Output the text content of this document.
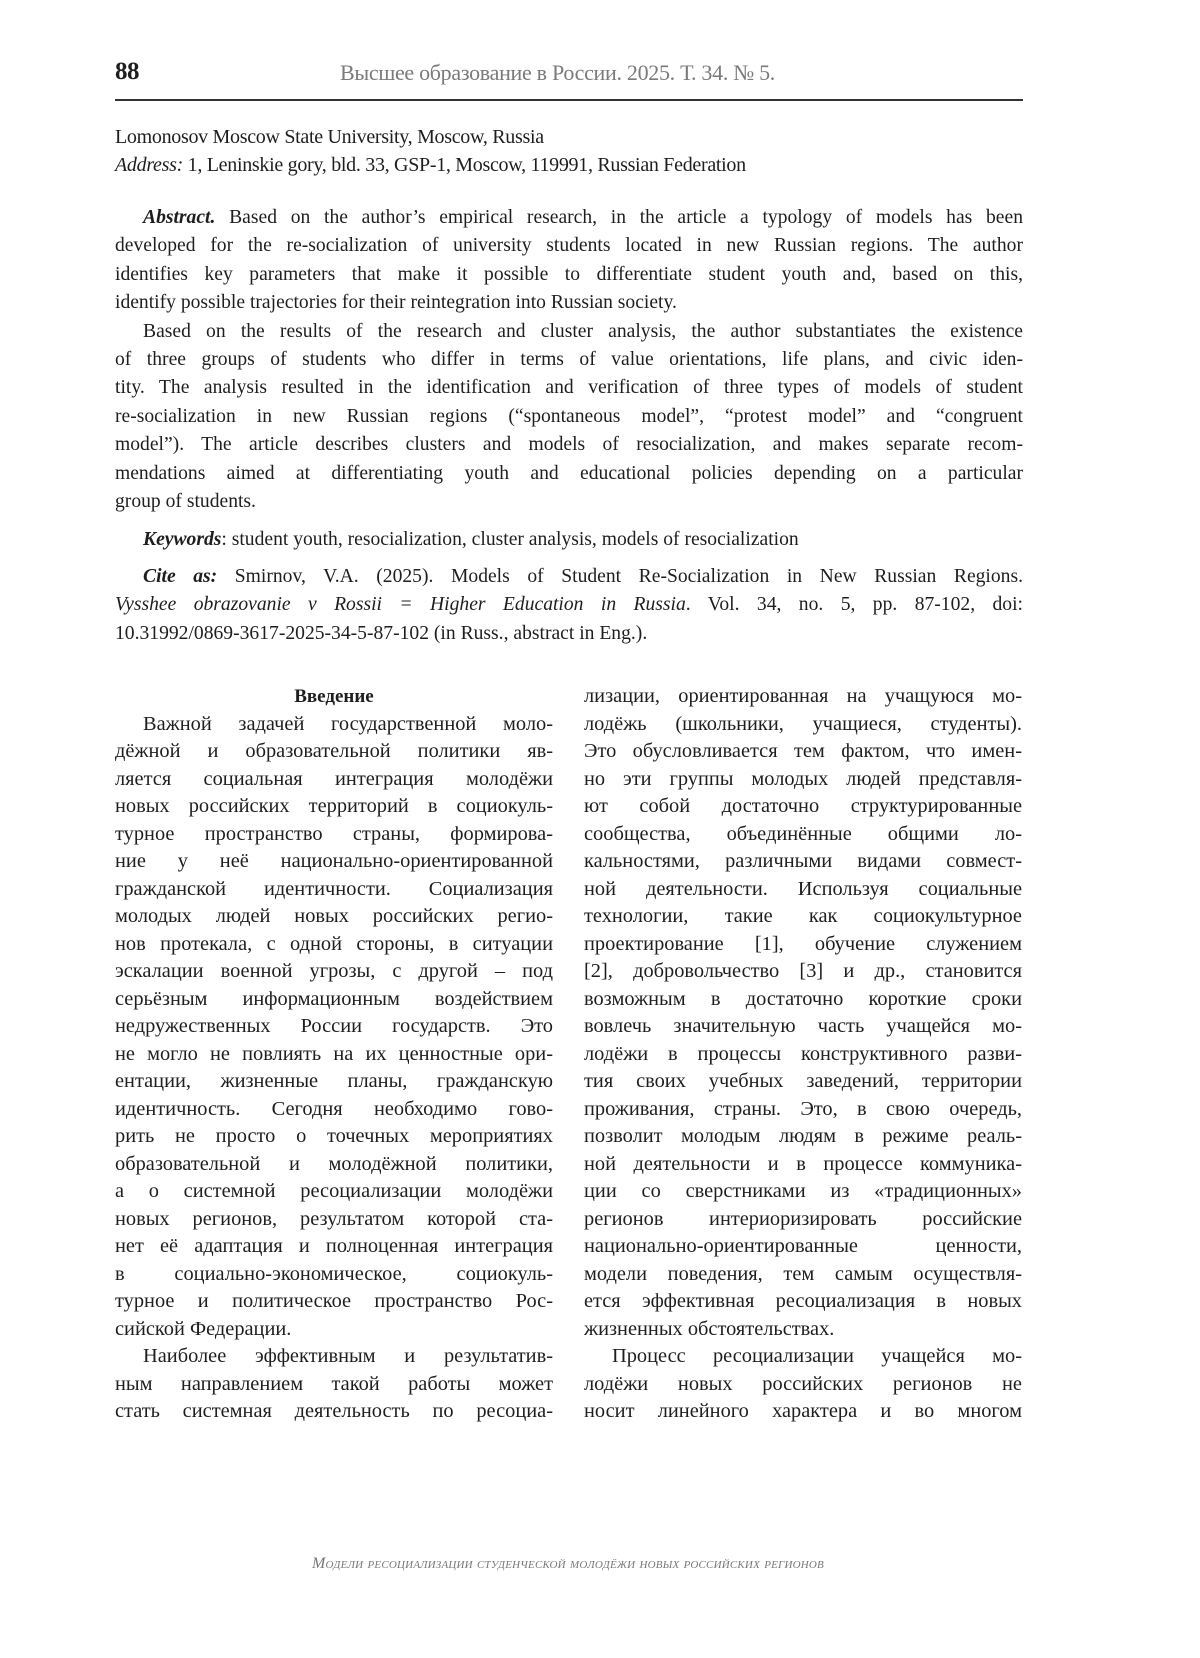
88	Высшее образование в России. 2025. Т. 34. № 5.
Lomonosov Moscow State University, Moscow, Russia
Address: 1, Leninskie gory, bld. 33, GSP-1, Moscow, 119991, Russian Federation
Abstract. Based on the author’s empirical research, in the article a typology of models has been
developed for the re-socialization of university students located in new Russian regions. The author
identifies key parameters that make it possible to differentiate student youth and, based on this,
identify possible trajectories for their reintegration into Russian society.
Based on the results of the research and cluster analysis, the author substantiates the existence
of three groups of students who differ in terms of value orientations, life plans, and civic iden-
tity. The analysis resulted in the identification and verification of three types of models of student
re-socialization in new Russian regions (“spontaneous model”, “protest model” and “congruent
model”). The article describes clusters and models of resocialization, and makes separate recom-
mendations aimed at differentiating youth and educational policies depending on a particular
group of students.
Keywords: student youth, resocialization, cluster analysis, models of resocialization
Cite as: Smirnov, V.A. (2025). Models of Student Re-Socialization in New Russian Regions.
Vysshee obrazovanie v Rossii = Higher Education in Russia. Vol. 34, no. 5, pp. 87-102, doi:
10.31992/0869-3617-2025-34-5-87-102 (in Russ., abstract in Eng.).
Введение
Важной задачей государственной моло-
дёжной и образовательной политики яв-
ляется социальная интеграция молодёжи
новых российских территорий в социокуль-
турное пространство страны, формирова-
ние у неё национально-ориентированной
гражданской идентичности. Социализация
молодых людей новых российских регио-
нов протекала, с одной стороны, в ситуации
эскалации военной угрозы, с другой – под
серьёзным информационным воздействием
недружественных России государств. Это
не могло не повлиять на их ценностные ори-
ентации, жизненные планы, гражданскую
идентичность. Сегодня необходимо гово-
рить не просто о точечных мероприятиях
образовательной и молодёжной политики,
а о системной ресоциализации молодёжи
новых регионов, результатом которой ста-
нет её адаптация и полноценная интеграция
в социально-экономическое, социокуль-
турное и политическое пространство Рос-
сийской Федерации.
Наиболее эффективным и результатив-
ным направлением такой работы может
стать системная деятельность по ресоциа-
лизации, ориентированная на учащуюся мо-
лодёжь (школьники, учащиеся, студенты).
Это обусловливается тем фактом, что имен-
но эти группы молодых людей представля-
ют собой достаточно структурированные
сообщества, объединённые общими ло-
кальностями, различными видами совмест-
ной деятельности. Используя социальные
технологии, такие как социокультурное
проектирование [1], обучение служением
[2], добровольчество [3] и др., становится
возможным в достаточно короткие сроки
вовлечь значительную часть учащейся мо-
лодёжи в процессы конструктивного разви-
тия своих учебных заведений, территории
проживания, страны. Это, в свою очередь,
позволит молодым людям в режиме реаль-
ной деятельности и в процессе коммуника-
ции со сверстниками из «традиционных»
регионов интериоризировать российские
национально-ориентированные ценности,
модели поведения, тем самым осуществля-
ется эффективная ресоциализация в новых
жизненных обстоятельствах.
Процесс ресоциализации учащейся мо-
лодёжи новых российских регионов не
носит линейного характера и во многом
Модели ресоциализации студенческой молодёжи новых российских регионов
